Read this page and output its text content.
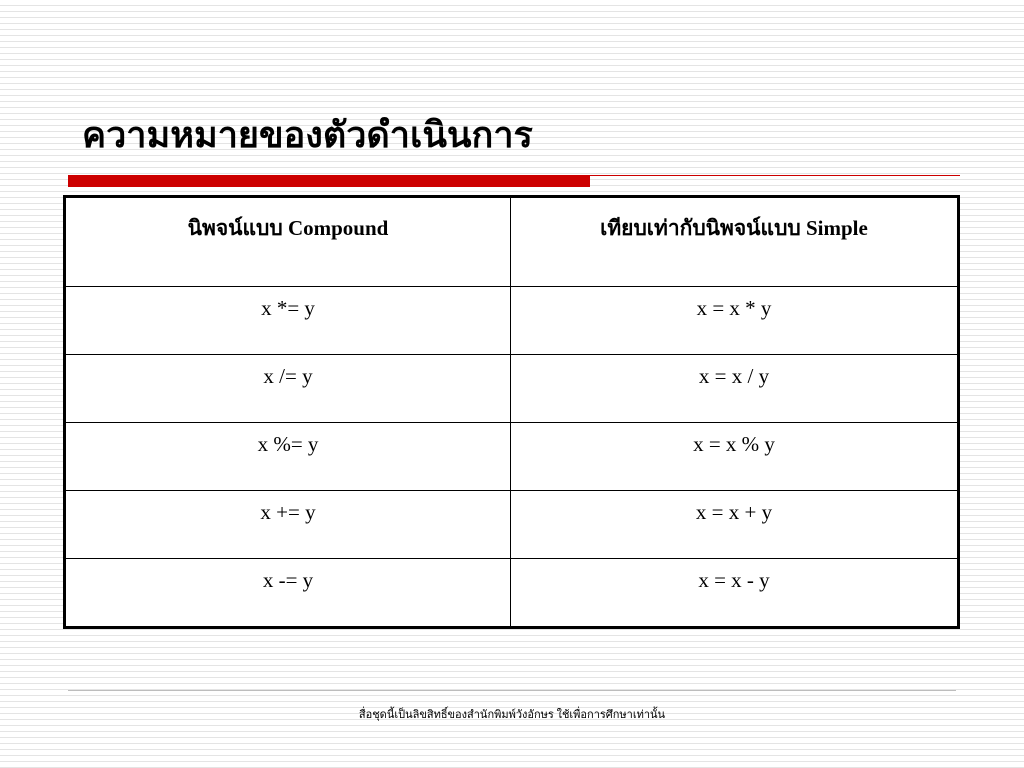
ความหมายของตัวดำเนินการ
นิพจน์แบบ Compound	เทียบเท่ากับนิพจน์แบบ Simple
x *= y	x = x * y
x /= y	x = x / y
x %= y	x = x % y
x += y	x = x + y
x -= y	x = x - y

สื่อชุดนี้เป็นลิขสิทธิ์ของสำนักพิมพ์วังอักษร ใช้เพื่อการศึกษาเท่านั้น
